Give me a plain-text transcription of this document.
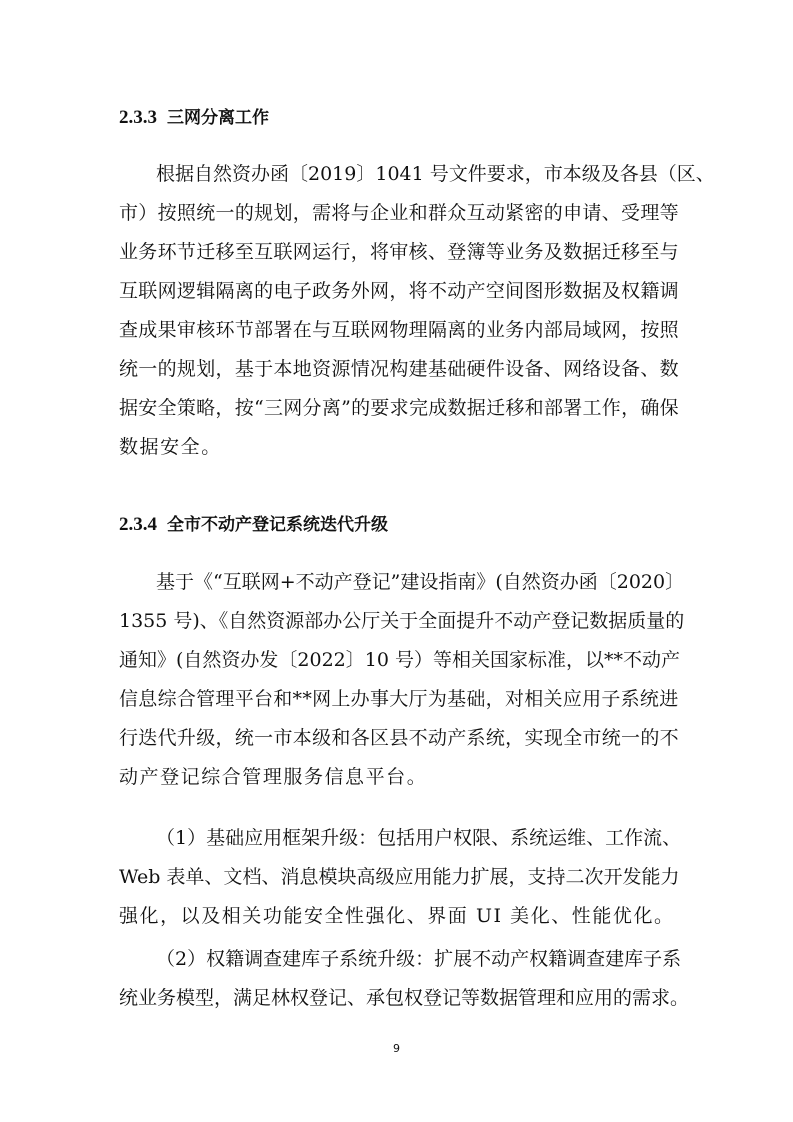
2.3.3 三网分离工作
根据自然资办函〔2019〕1041 号文件要求，市本级及各县（区、
市）按照统一的规划，需将与企业和群众互动紧密的申请、受理等
业务环节迁移至互联网运行，将审核、登簿等业务及数据迁移至与
互联网逻辑隔离的电子政务外网，将不动产空间图形数据及权籍调
查成果审核环节部署在与互联网物理隔离的业务内部局域网，按照
统一的规划，基于本地资源情况构建基础硬件设备、网络设备、数
据安全策略，按“三网分离”的要求完成数据迁移和部署工作，确保
数据安全。
2.3.4 全市不动产登记系统迭代升级
基于《“互联网+不动产登记”建设指南》(自然资办函〔2020〕
1355 号)、《自然资源部办公厅关于全面提升不动产登记数据质量的
通知》(自然资办发〔2022〕10 号）等相关国家标准，以**不动产
信息综合管理平台和**网上办事大厅为基础，对相关应用子系统进
行迭代升级，统一市本级和各区县不动产系统，实现全市统一的不
动产登记综合管理服务信息平台。
（1）基础应用框架升级：包括用户权限、系统运维、工作流、
Web 表单、文档、消息模块高级应用能力扩展，支持二次开发能力
强化，以及相关功能安全性强化、界面 UI 美化、性能优化。
（2）权籍调查建库子系统升级：扩展不动产权籍调查建库子系
统业务模型，满足林权登记、承包权登记等数据管理和应用的需求。
9
